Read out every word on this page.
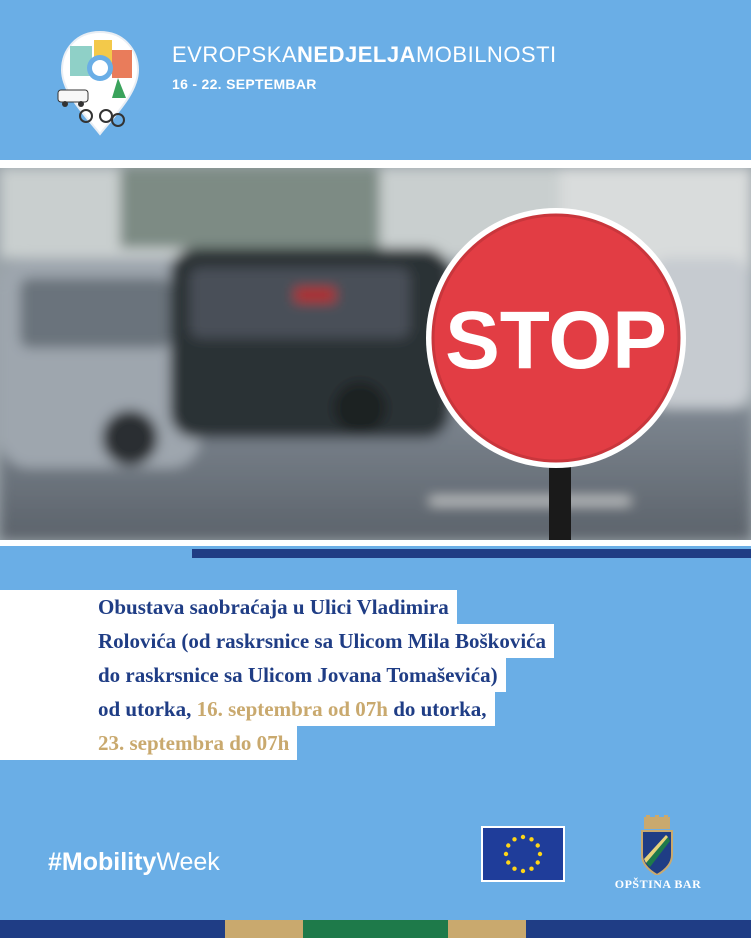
EVROPSKANEDJELJAMOBILNOSTI
16 - 22. SEPTEMBAR
STOP
Obustava saobraćaja u Ulici Vladimira
Rolovića (od raskrsnice sa Ulicom Mila Boškovića
do raskrsnice sa Ulicom Jovana Tomaševića)
od utorka, 16. septembra od 07h do utorka,
23. septembra do 07h
#MobilityWeek
OPŠTINA BAR
